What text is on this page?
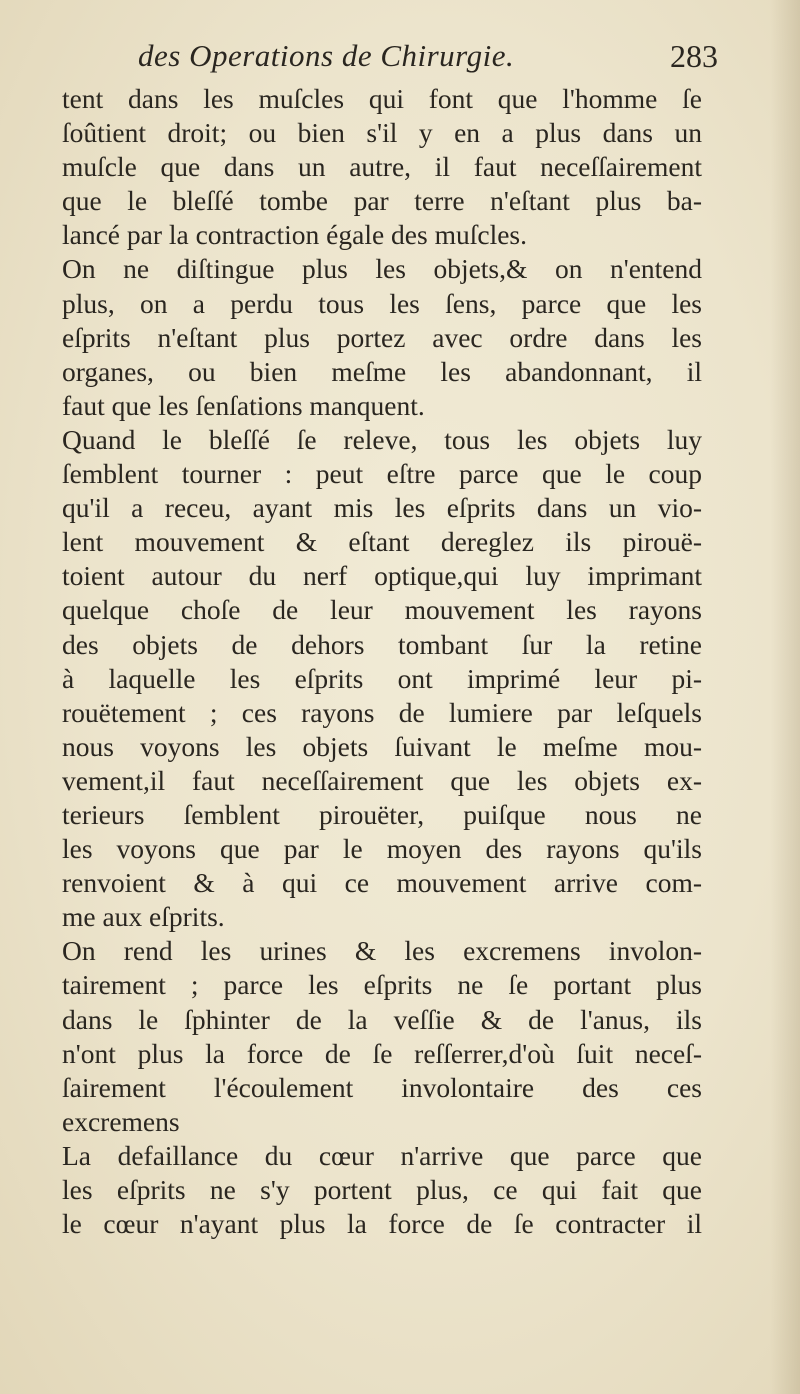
des Operations de Chirurgie.	283
tent dans les muſcles qui font que l'homme ſe
ſoûtient droit; ou bien s'il y en a plus dans un
muſcle que dans un autre, il faut neceſſairement
que le bleſſé tombe par terre n'eſtant plus ba-
lancé par la contraction égale des muſcles.
On ne diſtingue plus les objets,& on n'entend
plus, on a perdu tous les ſens, parce que les
eſprits n'eſtant plus portez avec ordre dans les
organes, ou bien meſme les abandonnant, il
faut que les ſenſations manquent.
Quand le bleſſé ſe releve, tous les objets luy
ſemblent tourner : peut eſtre parce que le coup
qu'il a receu, ayant mis les eſprits dans un vio-
lent mouvement & eſtant dereglez ils pirouë-
toient autour du nerf optique,qui luy imprimant
quelque choſe de leur mouvement les rayons
des objets de dehors tombant ſur la retine
à laquelle les eſprits ont imprimé leur pi-
rouëtement ; ces rayons de lumiere par leſquels
nous voyons les objets ſuivant le meſme mou-
vement,il faut neceſſairement que les objets ex-
terieurs ſemblent pirouëter, puiſque nous ne
les voyons que par le moyen des rayons qu'ils
renvoient & à qui ce mouvement arrive com-
me aux eſprits.
On rend les urines & les excremens involon-
tairement ; parce les eſprits ne ſe portant plus
dans le ſphinter de la veſſie & de l'anus, ils
n'ont plus la force de ſe reſſerrer,d'où ſuit neceſ-
ſairement l'écoulement involontaire des ces
excremens
La defaillance du cœur n'arrive que parce que
les eſprits ne s'y portent plus, ce qui fait que
le cœur n'ayant plus la force de ſe contracter il
